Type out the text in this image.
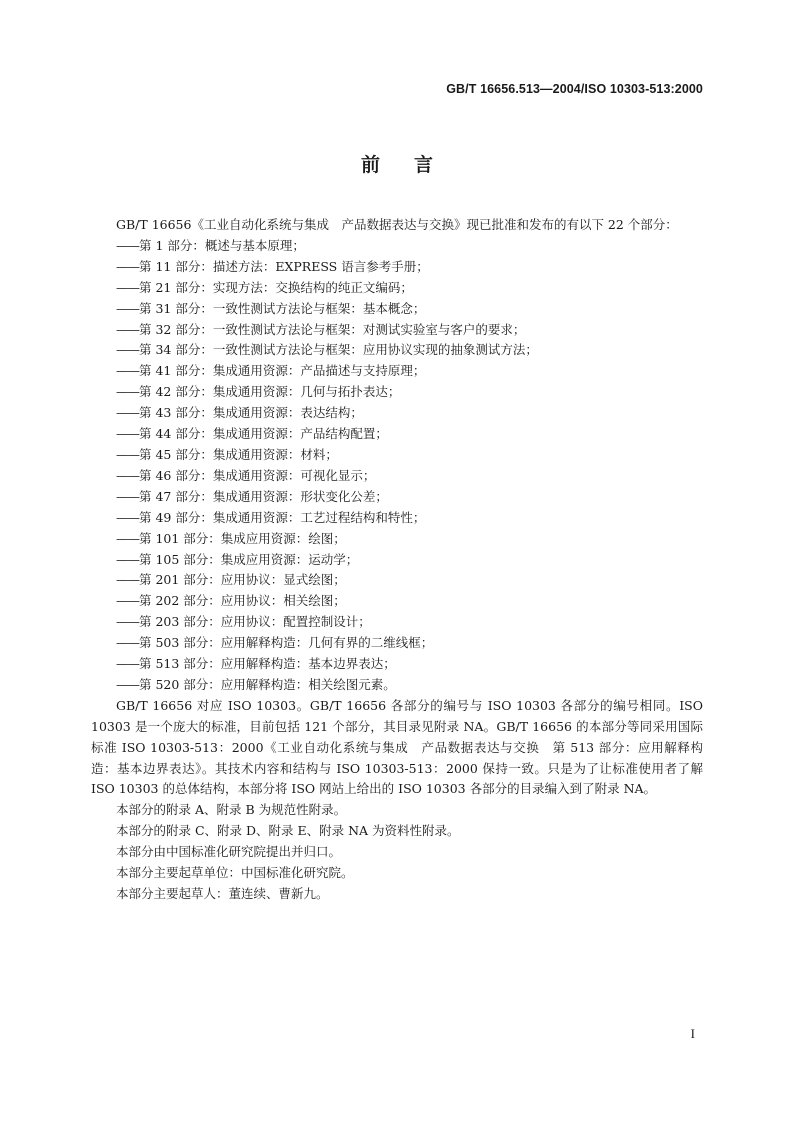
GB/T 16656.513—2004/ISO 10303-513:2000
前言

GB/T 16656《工业自动化系统与集成　产品数据表达与交换》现已批准和发布的有以下 22 个部分：

——第 1 部分：概述与基本原理；

——第 11 部分：描述方法：EXPRESS 语言参考手册；

——第 21 部分：实现方法：交换结构的纯正文编码；

——第 31 部分：一致性测试方法论与框架：基本概念；

——第 32 部分：一致性测试方法论与框架：对测试实验室与客户的要求；

——第 34 部分：一致性测试方法论与框架：应用协议实现的抽象测试方法；

——第 41 部分：集成通用资源：产品描述与支持原理；

——第 42 部分：集成通用资源：几何与拓扑表达；

——第 43 部分：集成通用资源：表达结构；

——第 44 部分：集成通用资源：产品结构配置；

——第 45 部分：集成通用资源：材料；

——第 46 部分：集成通用资源：可视化显示；

——第 47 部分：集成通用资源：形状变化公差；

——第 49 部分：集成通用资源：工艺过程结构和特性；

——第 101 部分：集成应用资源：绘图；

——第 105 部分：集成应用资源：运动学；

——第 201 部分：应用协议：显式绘图；

——第 202 部分：应用协议：相关绘图；

——第 203 部分：应用协议：配置控制设计；

——第 503 部分：应用解释构造：几何有界的二维线框；

——第 513 部分：应用解释构造：基本边界表达；

——第 520 部分：应用解释构造：相关绘图元素。

GB/T 16656 对应 ISO 10303。GB/T 16656 各部分的编号与 ISO 10303 各部分的编号相同。ISO 10303 是一个庞大的标准，目前包括 121 个部分，其目录见附录 NA。GB/T 16656 的本部分等同采用国际标准 ISO 10303-513：2000《工业自动化系统与集成　产品数据表达与交换　第 513 部分：应用解释构造：基本边界表达》。其技术内容和结构与 ISO 10303-513：2000 保持一致。只是为了让标准使用者了解 ISO 10303 的总体结构，本部分将 ISO 网站上给出的 ISO 10303 各部分的目录编入到了附录 NA。

本部分的附录 A、附录 B 为规范性附录。

本部分的附录 C、附录 D、附录 E、附录 NA 为资料性附录。

本部分由中国标准化研究院提出并归口。

本部分主要起草单位：中国标准化研究院。

本部分主要起草人：董连续、曹新九。

I
